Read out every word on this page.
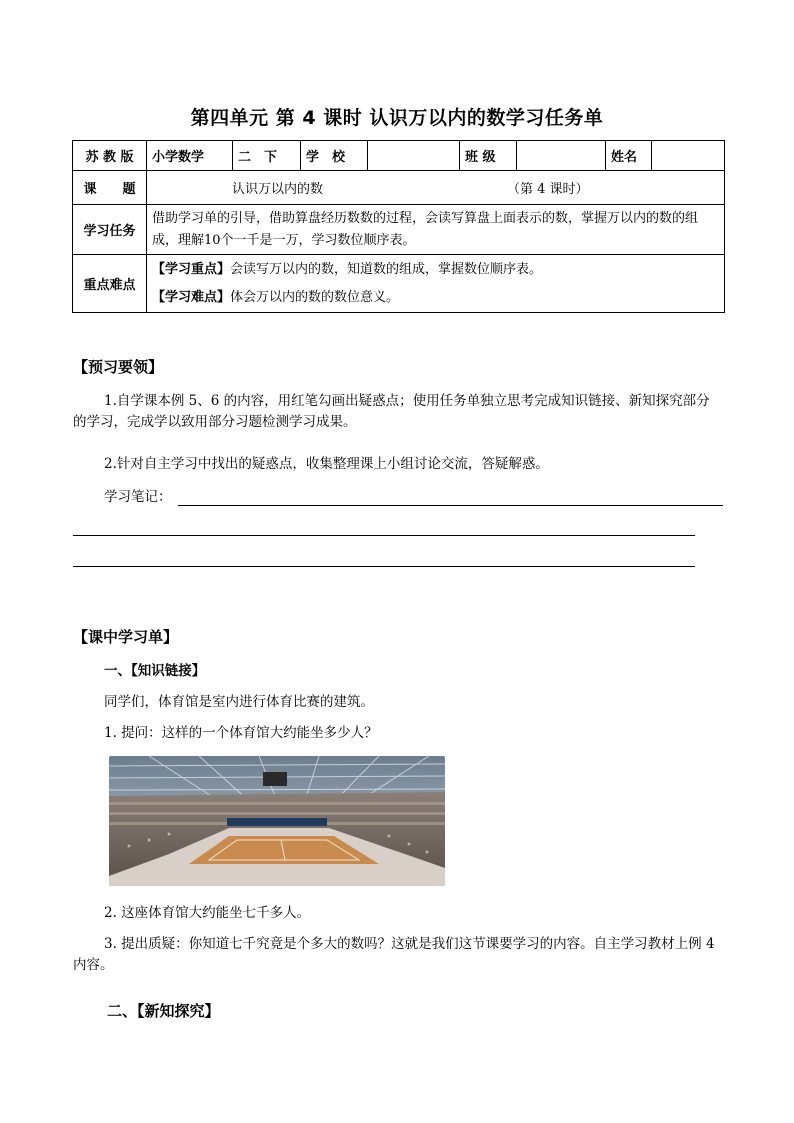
第四单元 第 4 课时 认识万以内的数学习任务单
苏 教 版	小学数学	二　下	学　校		班 级		姓名	
课　　题	认识万以内的数 （第 4 课时）							
学习任务	借助学习单的引导，借助算盘经历数数的过程，会读写算盘上面表示的数，掌握万以内的数的组成，理解10个一千是一万，学习数位顺序表。							
重点难点	【学习重点】会读写万以内的数，知道数的组成，掌握数位顺序表。
【学习难点】体会万以内的数的数位意义。							
【预习要领】
1.自学课本例 5、6 的内容，用红笔勾画出疑惑点；使用任务单独立思考完成知识链接、新知探究部分的学习，完成学以致用部分习题检测学习成果。
2.针对自主学习中找出的疑惑点，收集整理课上小组讨论交流，答疑解惑。
学习笔记：
【课中学习单】
一、【知识链接】
同学们，体育馆是室内进行体育比赛的建筑。
1. 提问：这样的一个体育馆大约能坐多少人？
2. 这座体育馆大约能坐七千多人。
3. 提出质疑：你知道七千究竟是个多大的数吗？这就是我们这节课要学习的内容。自主学习教材上例 4 内容。
二、【新知探究】
